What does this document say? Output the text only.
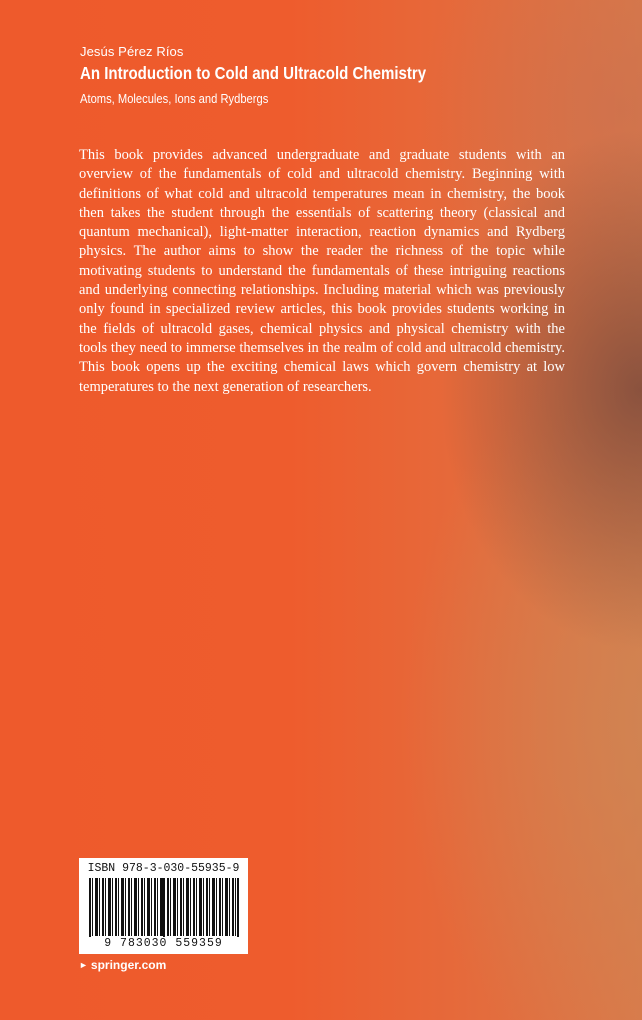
Jesús Pérez Ríos
An Introduction to Cold and Ultracold Chemistry
Atoms, Molecules, Ions and Rydbergs

This book provides advanced undergraduate and graduate students with an overview of the fundamentals of cold and ultracold chemistry. Beginning with definitions of what cold and ultracold temperatures mean in chemistry, the book then takes the student through the essentials of scattering theory (classical and quantum mechanical), light-matter interaction, reaction dynamics and Rydberg physics. The author aims to show the reader the richness of the topic while motivating students to understand the fundamentals of these intriguing reactions and underlying connecting relationships. Including material which was previously only found in specialized review articles, this book provides students working in the fields of ultracold gases, chemical physics and physical chemistry with the tools they need to immerse themselves in the realm of cold and ultracold chemistry. This book opens up the exciting chemical laws which govern chemistry at low temperatures to the next generation of researchers.

ISBN 978-3-030-55935-9
9 783030 559359
► springer.com
